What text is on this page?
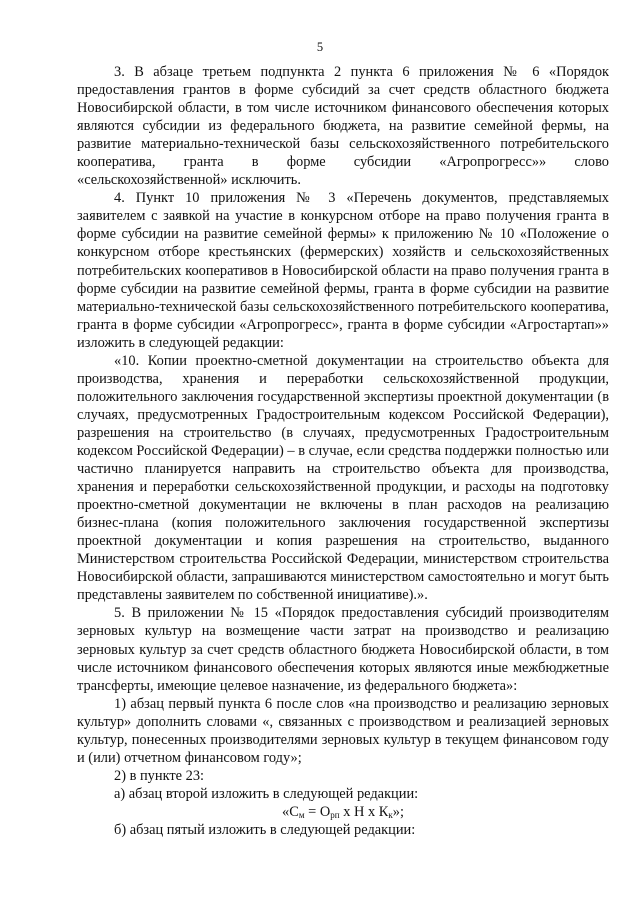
5

3. В абзаце третьем подпункта 2 пункта 6 приложения № 6 «Порядок предоставления грантов в форме субсидий за счет средств областного бюджета Новосибирской области, в том числе источником финансового обеспечения которых являются субсидии из федерального бюджета, на развитие семейной фермы, на развитие материально-технической базы сельскохозяйственного потребительского кооператива, гранта в форме субсидии «Агропрогресс»» слово «сельскохозяйственной» исключить.

4. Пункт 10 приложения № 3 «Перечень документов, представляемых заявителем с заявкой на участие в конкурсном отборе на право получения гранта в форме субсидии на развитие семейной фермы» к приложению № 10 «Положение о конкурсном отборе крестьянских (фермерских) хозяйств и сельскохозяйственных потребительских кооперативов в Новосибирской области на право получения гранта в форме субсидии на развитие семейной фермы, гранта в форме субсидии на развитие материально-технической базы сельскохозяйственного потребительского кооператива, гранта в форме субсидии «Агропрогресс», гранта в форме субсидии «Агростартап»» изложить в следующей редакции:

«10. Копии проектно-сметной документации на строительство объекта для производства, хранения и переработки сельскохозяйственной продукции, положительного заключения государственной экспертизы проектной документации (в случаях, предусмотренных Градостроительным кодексом Российской Федерации), разрешения на строительство (в случаях, предусмотренных Градостроительным кодексом Российской Федерации) – в случае, если средства поддержки полностью или частично планируется направить на строительство объекта для производства, хранения и переработки сельскохозяйственной продукции, и расходы на подготовку проектно-сметной документации не включены в план расходов на реализацию бизнес-плана (копия положительного заключения государственной экспертизы проектной документации и копия разрешения на строительство, выданного Министерством строительства Российской Федерации, министерством строительства Новосибирской области, запрашиваются министерством самостоятельно и могут быть представлены заявителем по собственной инициативе).».

5. В приложении № 15 «Порядок предоставления субсидий производителям зерновых культур на возмещение части затрат на производство и реализацию зерновых культур за счет средств областного бюджета Новосибирской области, в том числе источником финансового обеспечения которых являются иные межбюджетные трансферты, имеющие целевое назначение, из федерального бюджета»:

1) абзац первый пункта 6 после слов «на производство и реализацию зерновых культур» дополнить словами «, связанных с производством и реализацией зерновых культур, понесенных производителями зерновых культур в текущем финансовом году и (или) отчетном финансовом году»;

2) в пункте 23:

а) абзац второй изложить в следующей редакции:

«$С_м = О_{рп}$ х Н х $К_к$»;

б) абзац пятый изложить в следующей редакции:
